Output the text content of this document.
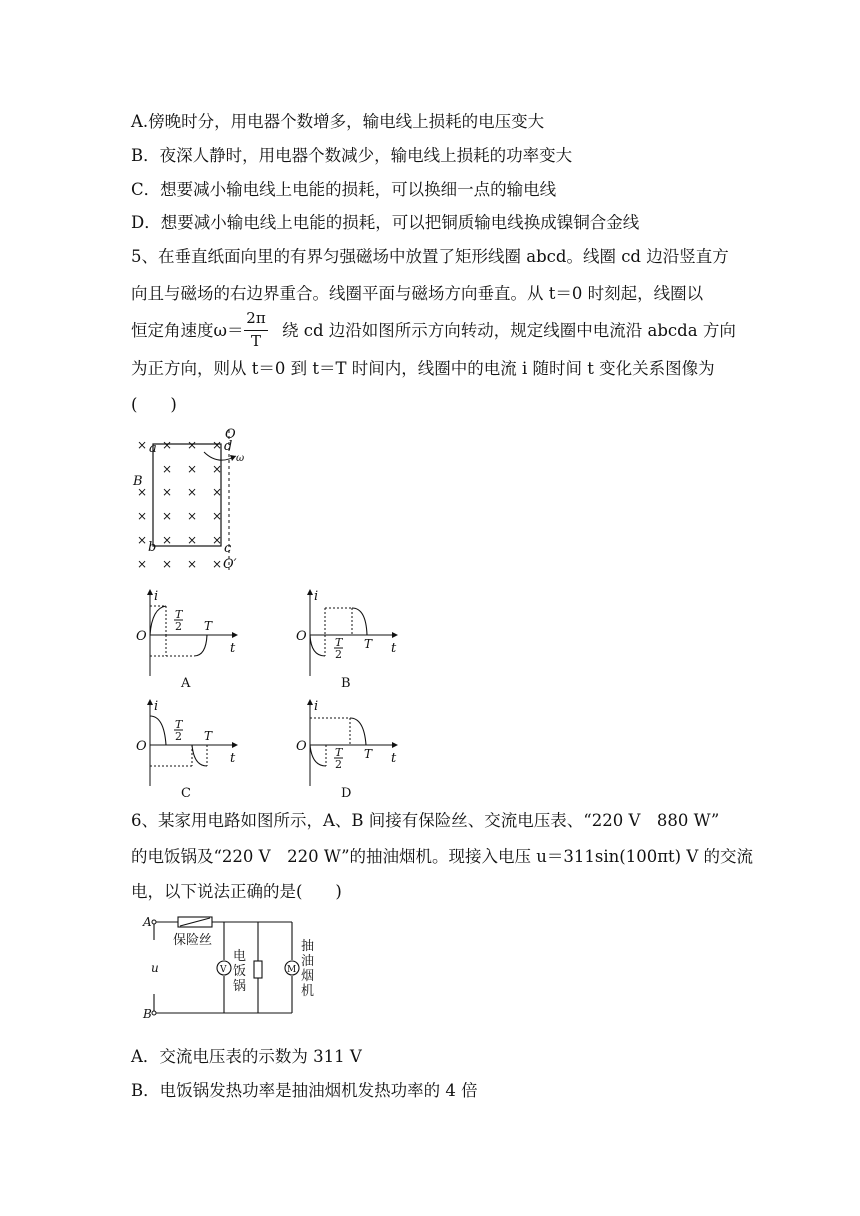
A.傍晚时分，用电器个数增多，输电线上损耗的电压变大
B．夜深人静时，用电器个数减少，输电线上损耗的功率变大
C．想要减小输电线上电能的损耗，可以换细一点的输电线
D．想要减小输电线上电能的损耗，可以把铜质输电线换成镍铜合金线
5、在垂直纸面向里的有界匀强磁场中放置了矩形线圈 abcd。线圈 cd 边沿竖直方
向且与磁场的右边界重合。线圈平面与磁场方向垂直。从 t＝0 时刻起，线圈以
恒定角速度ω＝
2π
T
绕 cd 边沿如图所示方向转动，规定线圈中电流沿 abcda 方向
为正方向，则从 t＝0 到 t＝T 时间内，线圈中的电流 i 随时间 t 变化关系图像为
(　　)
× × × ×
× × ×
× × × ×
× × × ×
× × × ×
× × × ×
a
b	c
d
O
O′
B
ω
i
t
O
T
2 T
A
i
t
O	T
2
T
B
i
t
O
T
2 T
C
i
t
O	T
2
T
D
6、某家用电路如图所示，A、B 间接有保险丝、交流电压表、“220 V　880 W”
的电饭锅及“220 V　220 W”的抽油烟机。现接入电压 u＝311sin(100πt) V 的交流
电，以下说法正确的是(　　)
A
B
u
保险丝
V	M
电
饭
锅
抽
油
烟
机
A．交流电压表的示数为 311 V
B．电饭锅发热功率是抽油烟机发热功率的 4 倍
